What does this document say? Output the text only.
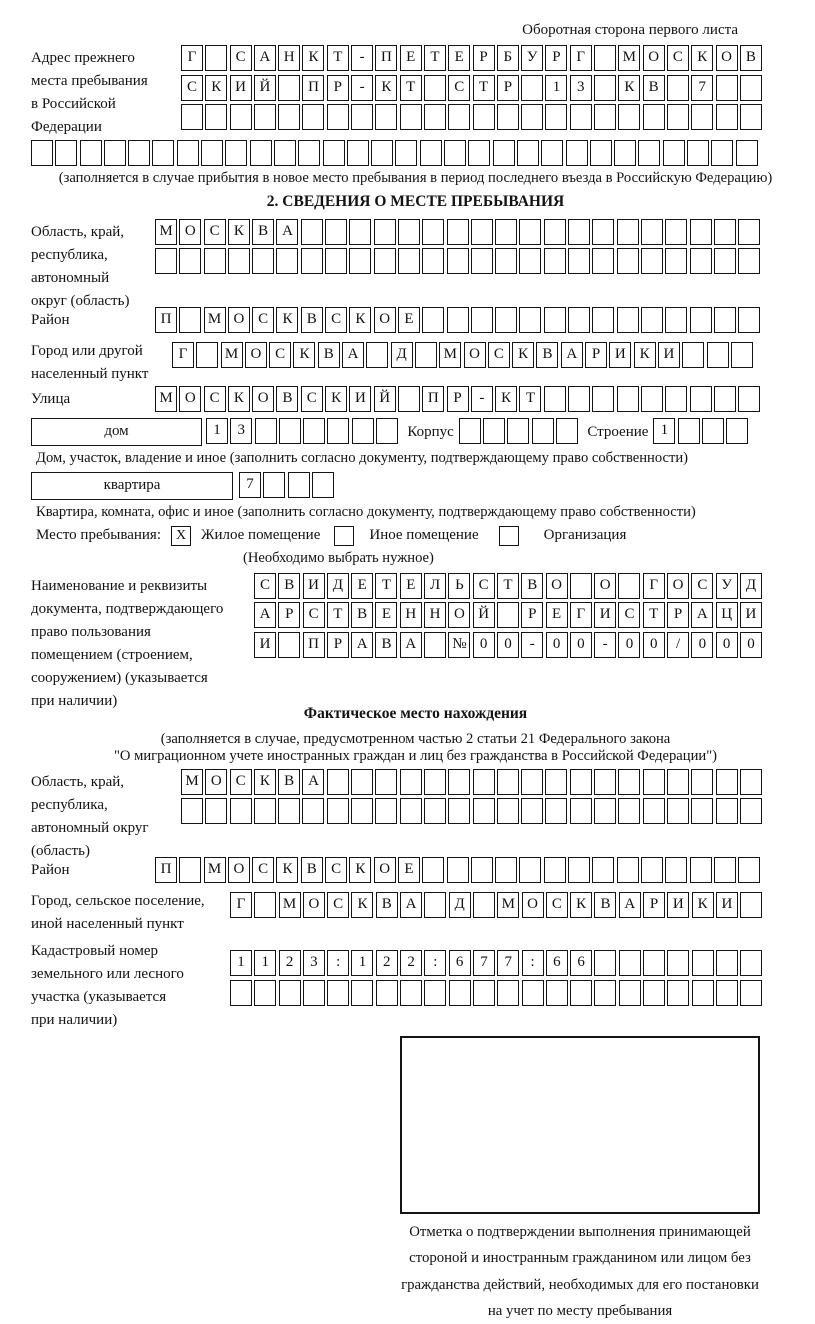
Оборотная сторона первого листа
Адрес прежнего
места пребывания
в Российской
Федерации
Г	С А Н К Т - П Е Т Е Р Б У Р Г	М О С К О В
С К И Й	П Р - К Т	С Т Р	1 3	К В	7
(заполняется в случае прибытия в новое место пребывания в период последнего въезда в Российскую Федерацию)
2. СВЕДЕНИЯ О МЕСТЕ ПРЕБЫВАНИЯ
Область, край,
республика,
автономный
округ (область)
М О С К В А
Район	П М О С К В С К О Е
Город или другой
населенный пункт
Г	М О С К В А	Д М О С К В А Р И К И
Улица	М О С К О В С К И Й	П Р - К Т
дом	1 3	Корпус	Строение 1
Дом, участок, владение и иное (заполнить согласно документу, подтверждающему право собственности)
квартира	7
Квартира, комната, офис и иное (заполнить согласно документу, подтверждающему право собственности)
Место пребывания:	X Жилое помещение	Иное помещение	Организация
(Необходимо выбрать нужное)
Наименование и реквизиты
документа, подтверждающего
право пользования
помещением (строением,
сооружением) (указывается
при наличии)
С В И Д Е Т Е Л Ь С Т В О	О	Г О С У Д
А Р С Т В Е Н Н О Й	Р Е Г И С Т Р А Ц И
И	П Р А В А № 0 0 - 0 0 - 0 0 / 0 0 0
Фактическое место нахождения
(заполняется в случае, предусмотренном частью 2 статьи 21 Федерального закона
"О миграционном учете иностранных граждан и лиц без гражданства в Российской Федерации")
Область, край,
республика,
автономный округ
(область)
М О С К В А
Район	П М О С К В С К О Е
Город, сельское поселение,
иной населенный пункт
Г	М О С К В А	Д М О С К В А Р И К И
Кадастровый номер
земельного или лесного
участка (указывается
при наличии)
1 1 2 3 : 1 2 2 : 6 7 7 : 6 6
Отметка о подтверждении выполнения принимающей
стороной и иностранным гражданином или лицом без
гражданства действий, необходимых для его постановки
на учет по месту пребывания
